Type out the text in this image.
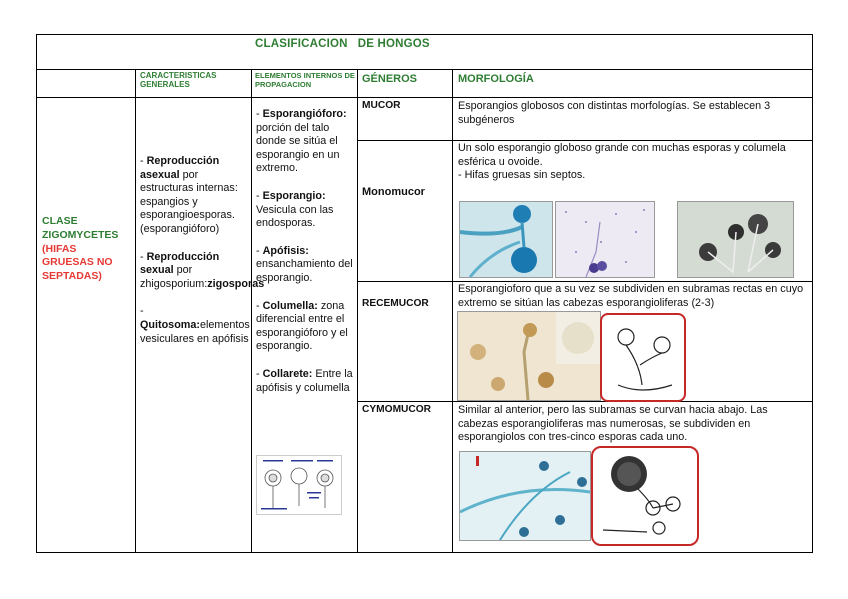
CLASIFICACION DE HONGOS
CARACTERISTICAS GENERALES
ELEMENTOS INTERNOS DE PROPAGACION	GÉNEROS	MORFOLOGÍA
CLASE
ZIGOMYCETES
(HIFAS
GRUESAS NO
SEPTADAS)
- Reproducción asexual por estructuras internas: espangios y esporangioesporas. (esporangióforo)
- Reproducción sexual por zhigosporium:zigosporas
-
Quitosoma:elementos vesiculares en apófisis
- Esporangióforo: porción del talo donde se sitúa el esporangio en un extremo.
- Esporangio: Vesicula con las endosporas.
- Apófisis: ensanchamiento del esporangio.
- Columella: zona diferencial entre el esporangióforo y el esporangio.
- Collarete: Entre la apófisis y columella
MUCOR
Monomucor
RECEMUCOR
CYMOMUCOR
Esporangios globosos con distintas morfologías. Se establecen 3 subgéneros
Un solo esporangio globoso grande con muchas esporas y columela esférica u ovoide.
- Hifas gruesas sin septos.
Esporangioforo que a su vez se subdividen en subramas rectas en cuyo extremo se sitúan las cabezas esporangioliferas (2-3)
Similar al anterior, pero las subramas se curvan hacia abajo. Las cabezas esporangioliferas mas numerosas, se subdividen en esporangiolos con tres-cinco esporas cada uno.
